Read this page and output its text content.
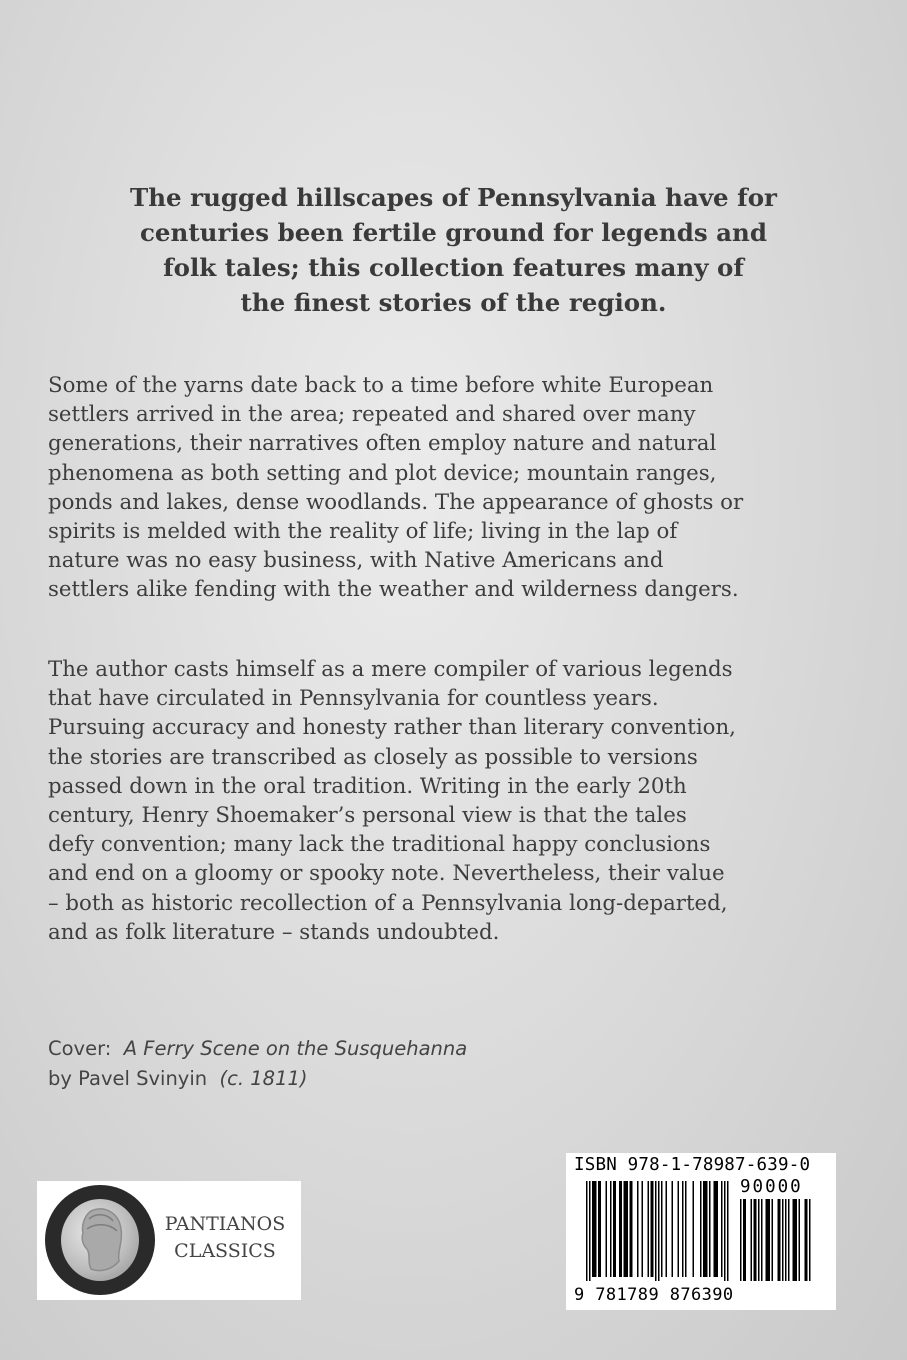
The rugged hillscapes of Pennsylvania have for
centuries been fertile ground for legends and
folk tales; this collection features many of
the finest stories of the region.
Some of the yarns date back to a time before white European
settlers arrived in the area; repeated and shared over many
generations, their narratives often employ nature and natural
phenomena as both setting and plot device; mountain ranges,
ponds and lakes, dense woodlands. The appearance of ghosts or
spirits is melded with the reality of life; living in the lap of
nature was no easy business, with Native Americans and
settlers alike fending with the weather and wilderness dangers.
The author casts himself as a mere compiler of various legends
that have circulated in Pennsylvania for countless years.
Pursuing accuracy and honesty rather than literary convention,
the stories are transcribed as closely as possible to versions
passed down in the oral tradition. Writing in the early 20th
century, Henry Shoemaker’s personal view is that the tales
defy convention; many lack the traditional happy conclusions
and end on a gloomy or spooky note. Nevertheless, their value
– both as historic recollection of a Pennsylvania long-departed,
and as folk literature – stands undoubted.
Cover: A Ferry Scene on the Susquehanna
by Pavel Svinyin (c. 1811)
PANTIANOS
CLASSICS
ISBN 978-1-78987-639-0
90000
9 781789 876390
